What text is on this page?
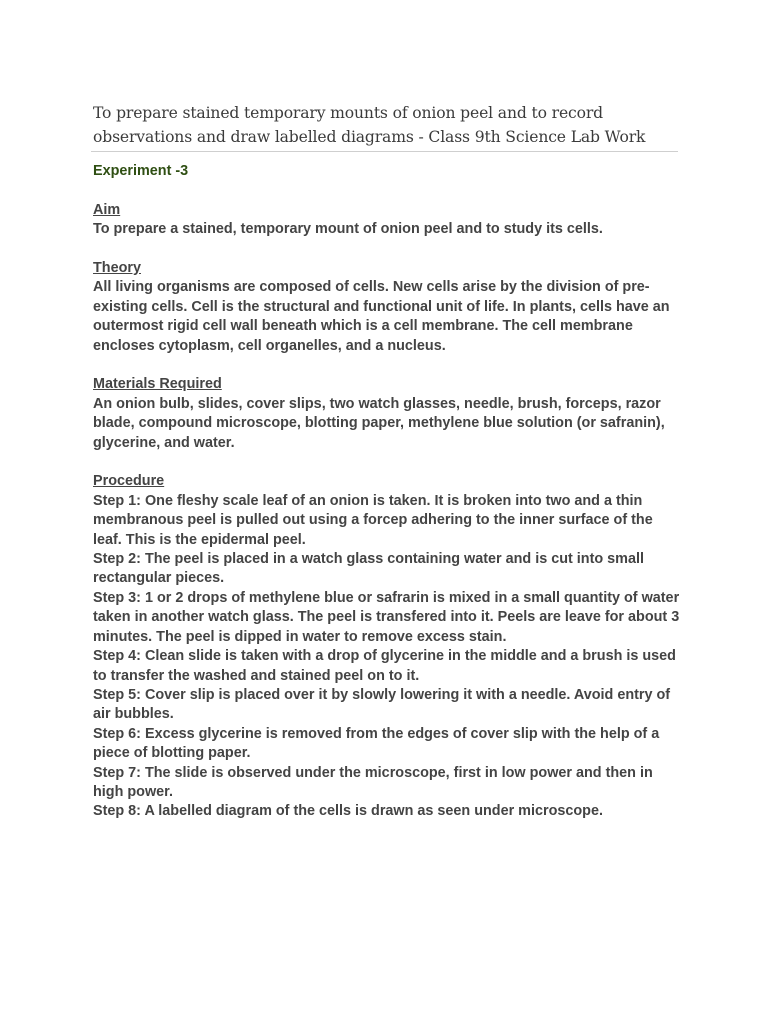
To prepare stained temporary mounts of onion peel and to record
observations and draw labelled diagrams - Class 9th Science Lab Work
Experiment -3
Aim
To prepare a stained, temporary mount of onion peel and to study its cells.
Theory
All living organisms are composed of cells. New cells arise by the division of pre-
existing cells. Cell is the structural and functional unit of life. In plants, cells have an
outermost rigid cell wall beneath which is a cell membrane. The cell membrane
encloses cytoplasm, cell organelles, and a nucleus.
Materials Required
An onion bulb, slides, cover slips, two watch glasses, needle, brush, forceps, razor
blade, compound microscope, blotting paper, methylene blue solution (or safranin),
glycerine, and water.
Procedure
Step 1: One fleshy scale leaf of an onion is taken. It is broken into two and a thin
membranous peel is pulled out using a forcep adhering to the inner surface of the
leaf. This is the epidermal peel.
Step 2: The peel is placed in a watch glass containing water and is cut into small
rectangular pieces.
Step 3: 1 or 2 drops of methylene blue or safrarin is mixed in a small quantity of water
taken in another watch glass. The peel is transfered into it. Peels are leave for about 3
minutes. The peel is dipped in water to remove excess stain.
Step 4: Clean slide is taken with a drop of glycerine in the middle and a brush is used
to transfer the washed and stained peel on to it.
Step 5: Cover slip is placed over it by slowly lowering it with a needle. Avoid entry of
air bubbles.
Step 6: Excess glycerine is removed from the edges of cover slip with the help of a
piece of blotting paper.
Step 7: The slide is observed under the microscope, first in low power and then in
high power.
Step 8: A labelled diagram of the cells is drawn as seen under microscope.
